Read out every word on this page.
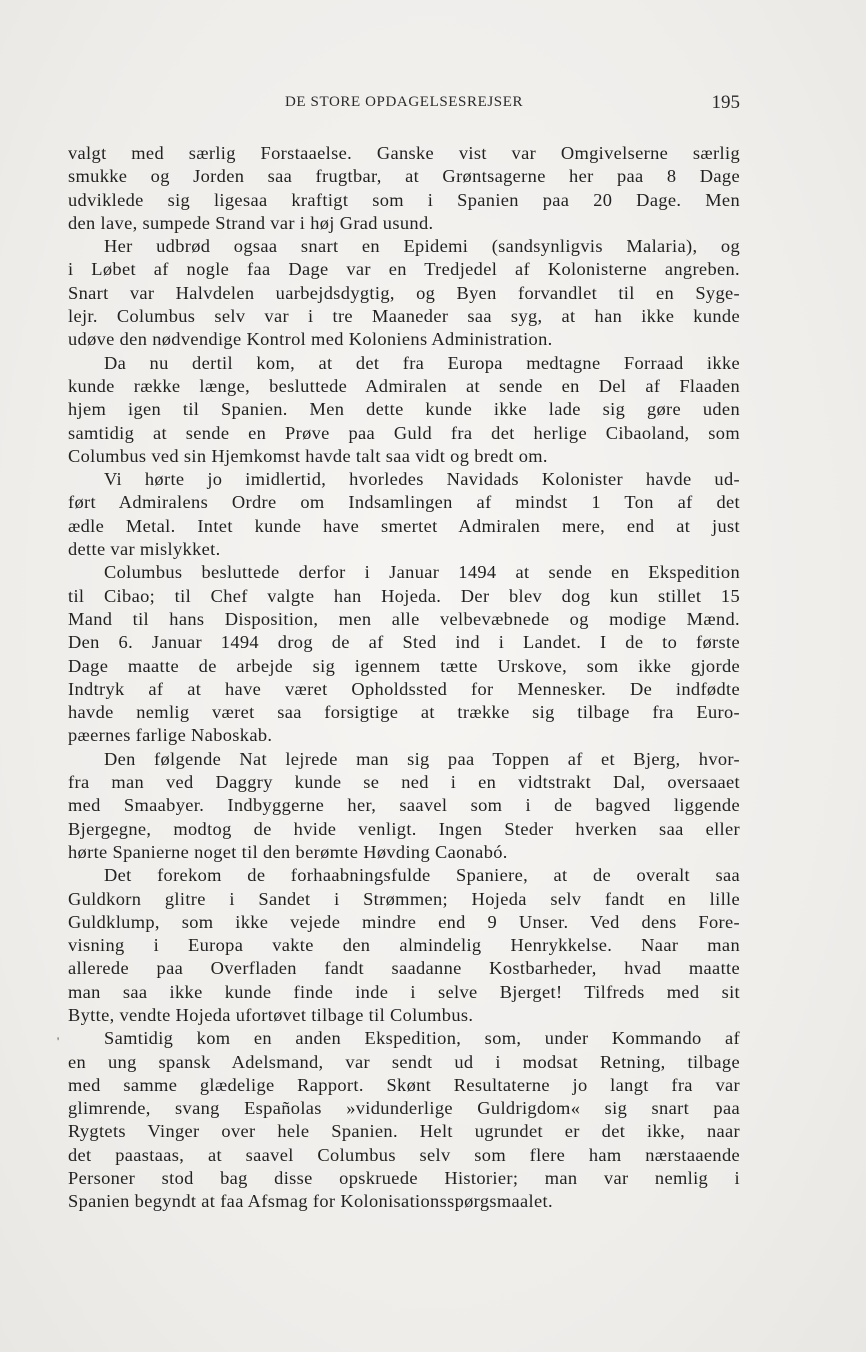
DE STORE OPDAGELSESREJSER	195
'
valgt med særlig Forstaaelse. Ganske vist var Omgivelserne særlig
smukke og Jorden saa frugtbar, at Grøntsagerne her paa 8 Dage
udviklede sig ligesaa kraftigt som i Spanien paa 20 Dage. Men
den lave, sumpede Strand var i høj Grad usund.
Her udbrød ogsaa snart en Epidemi (sandsynligvis Malaria), og
i Løbet af nogle faa Dage var en Tredjedel af Kolonisterne angreben.
Snart var Halvdelen uarbejdsdygtig, og Byen forvandlet til en Syge-
lejr. Columbus selv var i tre Maaneder saa syg, at han ikke kunde
udøve den nødvendige Kontrol med Koloniens Administration.
Da nu dertil kom, at det fra Europa medtagne Forraad ikke
kunde række længe, besluttede Admiralen at sende en Del af Flaaden
hjem igen til Spanien. Men dette kunde ikke lade sig gøre uden
samtidig at sende en Prøve paa Guld fra det herlige Cibaoland, som
Columbus ved sin Hjemkomst havde talt saa vidt og bredt om.
Vi hørte jo imidlertid, hvorledes Navidads Kolonister havde ud-
ført Admiralens Ordre om Indsamlingen af mindst 1 Ton af det
ædle Metal. Intet kunde have smertet Admiralen mere, end at just
dette var mislykket.
Columbus besluttede derfor i Januar 1494 at sende en Ekspedition
til Cibao; til Chef valgte han Hojeda. Der blev dog kun stillet 15
Mand til hans Disposition, men alle velbevæbnede og modige Mænd.
Den 6. Januar 1494 drog de af Sted ind i Landet. I de to første
Dage maatte de arbejde sig igennem tætte Urskove, som ikke gjorde
Indtryk af at have været Opholdssted for Mennesker. De indfødte
havde nemlig været saa forsigtige at trække sig tilbage fra Euro-
pæernes farlige Naboskab.
Den følgende Nat lejrede man sig paa Toppen af et Bjerg, hvor-
fra man ved Daggry kunde se ned i en vidtstrakt Dal, oversaaet
med Smaabyer. Indbyggerne her, saavel som i de bagved liggende
Bjergegne, modtog de hvide venligt. Ingen Steder hverken saa eller
hørte Spanierne noget til den berømte Høvding Caonabó.
Det forekom de forhaabningsfulde Spaniere, at de overalt saa
Guldkorn glitre i Sandet i Strømmen; Hojeda selv fandt en lille
Guldklump, som ikke vejede mindre end 9 Unser. Ved dens Fore-
visning i Europa vakte den almindelig Henrykkelse. Naar man
allerede paa Overfladen fandt saadanne Kostbarheder, hvad maatte
man saa ikke kunde finde inde i selve Bjerget! Tilfreds med sit
Bytte, vendte Hojeda ufortøvet tilbage til Columbus.
Samtidig kom en anden Ekspedition, som, under Kommando af
en ung spansk Adelsmand, var sendt ud i modsat Retning, tilbage
med samme glædelige Rapport. Skønt Resultaterne jo langt fra var
glimrende, svang Españolas »vidunderlige Guldrigdom« sig snart paa
Rygtets Vinger over hele Spanien. Helt ugrundet er det ikke, naar
det paastaas, at saavel Columbus selv som flere ham nærstaaende
Personer stod bag disse opskruede Historier; man var nemlig i
Spanien begyndt at faa Afsmag for Kolonisationsspørgsmaalet.
